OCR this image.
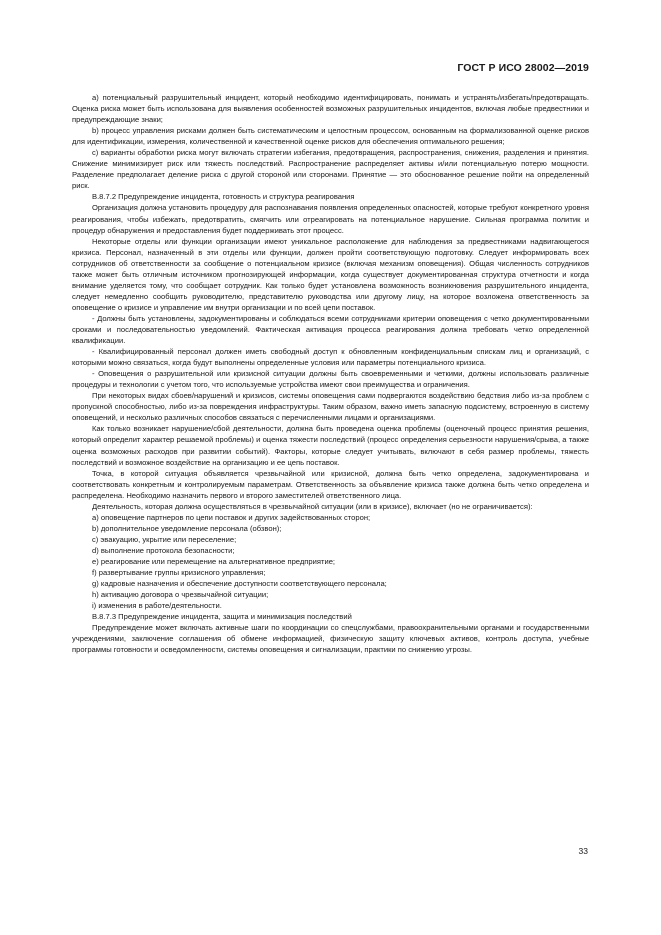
ГОСТ Р ИСО 28002—2019

a) потенциальный разрушительный инцидент, который необходимо идентифицировать, понимать и устранять/избегать/предотвращать. Оценка риска может быть использована для выявления особенностей возможных разрушительных инцидентов, включая любые предвестники и предупреждающие знаки;

b) процесс управления рисками должен быть систематическим и целостным процессом, основанным на формализованной оценке рисков для идентификации, измерения, количественной и качественной оценке рисков для обеспечения оптимального решения;

c) варианты обработки риска могут включать стратегии избегания, предотвращения, распространения, снижения, разделения и принятия. Снижение минимизирует риск или тяжесть последствий. Распространение распределяет активы и/или потенциальную потерю мощности. Разделение предполагает деление риска с другой стороной или сторонами. Принятие — это обоснованное решение пойти на определенный риск.

B.8.7.2 Предупреждение инцидента, готовность и структура реагирования

Организация должна установить процедуру для распознавания появления определенных опасностей, которые требуют конкретного уровня реагирования, чтобы избежать, предотвратить, смягчить или отреагировать на потенциальное нарушение. Сильная программа политик и процедур обнаружения и предоставления будет поддерживать этот процесс.

Некоторые отделы или функции организации имеют уникальное расположение для наблюдения за предвестниками надвигающегося кризиса. Персонал, назначенный в эти отделы или функции, должен пройти соответствующую подготовку. Следует информировать всех сотрудников об ответственности за сообщение о потенциальном кризисе (включая механизм оповещения). Общая численность сотрудников также может быть отличным источником прогнозирующей информации, когда существует документированная структура отчетности и когда внимание уделяется тому, что сообщает сотрудник. Как только будет установлена возможность возникновения разрушительного инцидента, следует немедленно сообщить руководителю, представителю руководства или другому лицу, на которое возложена ответственность за оповещение о кризисе и управление им внутри организации и по всей цепи поставок.

- Должны быть установлены, задокументированы и соблюдаться всеми сотрудниками критерии оповещения с четко документированными сроками и последовательностью уведомлений. Фактическая активация процесса реагирования должна требовать четко определенной квалификации.

- Квалифицированный персонал должен иметь свободный доступ к обновленным конфиденциальным спискам лиц и организаций, с которыми можно связаться, когда будут выполнены определенные условия или параметры потенциального кризиса.

- Оповещения о разрушительной или кризисной ситуации должны быть своевременными и четкими, должны использовать различные процедуры и технологии с учетом того, что используемые устройства имеют свои преимущества и ограничения.

При некоторых видах сбоев/нарушений и кризисов, системы оповещения сами подвергаются воздействию бедствия либо из-за проблем с пропускной способностью, либо из-за повреждения инфраструктуры. Таким образом, важно иметь запасную подсистему, встроенную в систему оповещений, и несколько различных способов связаться с перечисленными лицами и организациями.

Как только возникает нарушение/сбой деятельности, должна быть проведена оценка проблемы (оценочный процесс принятия решения, который определит характер решаемой проблемы) и оценка тяжести последствий (процесс определения серьезности нарушения/срыва, а также оценка возможных расходов при развитии событий). Факторы, которые следует учитывать, включают в себя размер проблемы, тяжесть последствий и возможное воздействие на организацию и ее цепь поставок.

Точка, в которой ситуация объявляется чрезвычайной или кризисной, должна быть четко определена, задокументирована и соответствовать конкретным и контролируемым параметрам. Ответственность за объявление кризиса также должна быть четко определена и распределена. Необходимо назначить первого и второго заместителей ответственного лица.

Деятельность, которая должна осуществляться в чрезвычайной ситуации (или в кризисе), включает (но не ограничивается):

a) оповещение партнеров по цепи поставок и других задействованных сторон;

b) дополнительное уведомление персонала (обзвон);

c) эвакуацию, укрытие или переселение;

d) выполнение протокола безопасности;

e) реагирование или перемещение на альтернативное предприятие;

f) развертывание группы кризисного управления;

g) кадровые назначения и обеспечение доступности соответствующего персонала;

h) активацию договора о чрезвычайной ситуации;

i) изменения в работе/деятельности.

B.8.7.3 Предупреждение инцидента, защита и минимизация последствий

Предупреждение может включать активные шаги по координации со спецслужбами, правоохранительными органами и государственными учреждениями, заключение соглашения об обмене информацией, физическую защиту ключевых активов, контроль доступа, учебные программы готовности и осведомленности, системы оповещения и сигнализации, практики по снижению угрозы.

33
